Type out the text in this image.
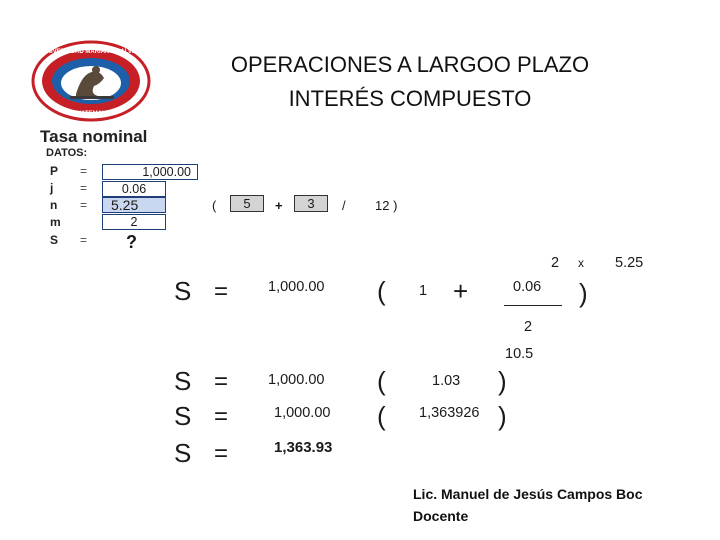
OPERACIONES A LARGOO PLAZO
INTERÉS COMPUESTO
UNIVERSIDAD MARIANO GALVEZ
GUATEMALA
Tasa nominal
DATOS:
P =	1,000.00
j =	0.06
n =	5.25
m	2
S = ?
(	5	+	3	/ 12 )
2 x 5.25
S =	1,000.00 ( 1 +	0.06 )
2
10.5
S =	1,000.00 (	1.03 )
S =	1,000.00 ( 1,363926 )
S =	1,363.93
Lic. Manuel de Jesús Campos Boc
Docente
